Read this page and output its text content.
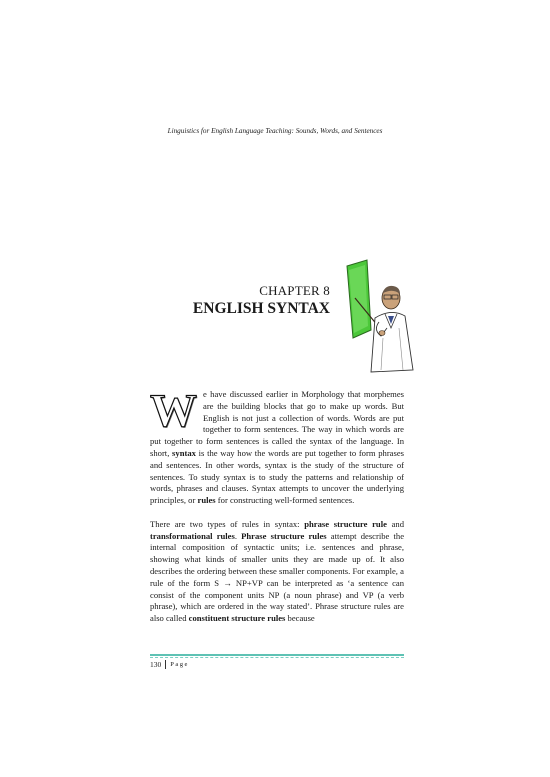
Linguistics for English Language Teaching: Sounds, Words, and Sentences
CHAPTER 8
ENGLISH SYNTAX

We have discussed earlier in Morphology that morphemes are the building blocks that go to make up words. But English is not just a collection of words. Words are put together to form sentences. The way in which words are put together to form sentences is called the syntax of the language. In short, syntax is the way how the words are put together to form phrases and sentences. In other words, syntax is the study of the structure of sentences. To study syntax is to study the patterns and relationship of words, phrases and clauses. Syntax attempts to uncover the underlying principles, or rules for constructing well-formed sentences.

There are two types of rules in syntax: phrase structure rule and transformational rules. Phrase structure rules attempt describe the internal composition of syntactic units; i.e. sentences and phrase, showing what kinds of smaller units they are made up of. It also describes the ordering between these smaller components. For example, a rule of the form S → NP+VP can be interpreted as ‘a sentence can consist of the component units NP (a noun phrase) and VP (a verb phrase), which are ordered in the way stated’. Phrase structure rules are also called constituent structure rules because

130	Page
